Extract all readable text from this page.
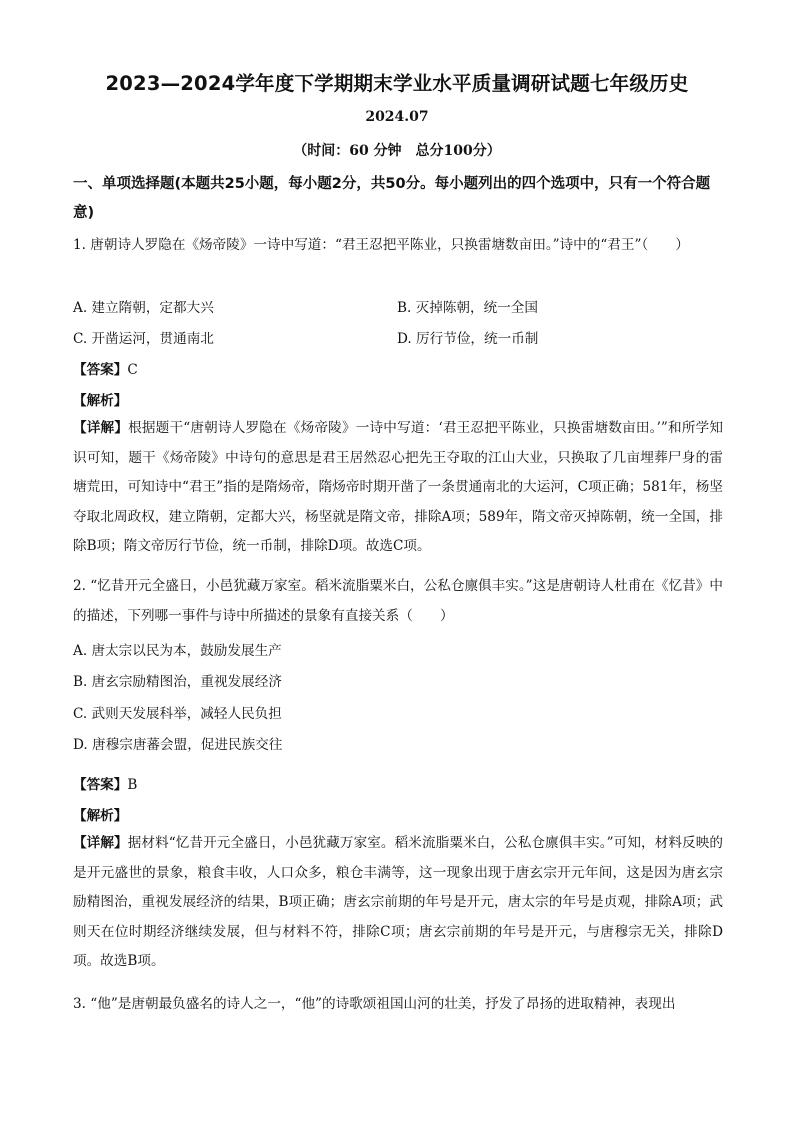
2023—2024学年度下学期期末学业水平质量调研试题七年级历史
2024.07
（时间：60 分钟　总分100分）
一、单项选择题(本题共25小题，每小题2分，共50分。每小题列出的四个选项中，只有一个符合题意)
1. 唐朝诗人罗隐在《炀帝陵》一诗中写道：“君王忍把平陈业，只换雷塘数亩田。”诗中的“君王”（　　）
A. 建立隋朝，定都大兴	B. 灭掉陈朝，统一全国
C. 开凿运河，贯通南北	D. 厉行节俭，统一币制
【答案】C
【解析】
【详解】根据题干“唐朝诗人罗隐在《炀帝陵》一诗中写道：‘君王忍把平陈业，只换雷塘数亩田。’”和所学知识可知，题干《炀帝陵》中诗句的意思是君王居然忍心把先王夺取的江山大业，只换取了几亩埋葬尸身的雷塘荒田，可知诗中“君王”指的是隋炀帝，隋炀帝时期开凿了一条贯通南北的大运河，C项正确；581年，杨坚夺取北周政权，建立隋朝，定都大兴，杨坚就是隋文帝，排除A项；589年，隋文帝灭掉陈朝，统一全国，排除B项；隋文帝厉行节俭，统一币制，排除D项。故选C项。
2. “忆昔开元全盛日，小邑犹藏万家室。稻米流脂粟米白，公私仓廪俱丰实。”这是唐朝诗人杜甫在《忆昔》中的描述，下列哪一事件与诗中所描述的景象有直接关系（　　）
A. 唐太宗以民为本，鼓励发展生产
B. 唐玄宗励精图治，重视发展经济
C. 武则天发展科举，减轻人民负担
D. 唐穆宗唐蕃会盟，促进民族交往
【答案】B
【解析】
【详解】据材料“忆昔开元全盛日，小邑犹藏万家室。稻米流脂粟米白，公私仓廪俱丰实。”可知，材料反映的是开元盛世的景象，粮食丰收，人口众多，粮仓丰满等，这一现象出现于唐玄宗开元年间，这是因为唐玄宗励精图治，重视发展经济的结果，B项正确；唐玄宗前期的年号是开元，唐太宗的年号是贞观，排除A项；武则天在位时期经济继续发展，但与材料不符，排除C项；唐玄宗前期的年号是开元，与唐穆宗无关，排除D项。故选B项。
3. “他”是唐朝最负盛名的诗人之一，“他”的诗歌颂祖国山河的壮美，抒发了昂扬的进取精神，表现出
